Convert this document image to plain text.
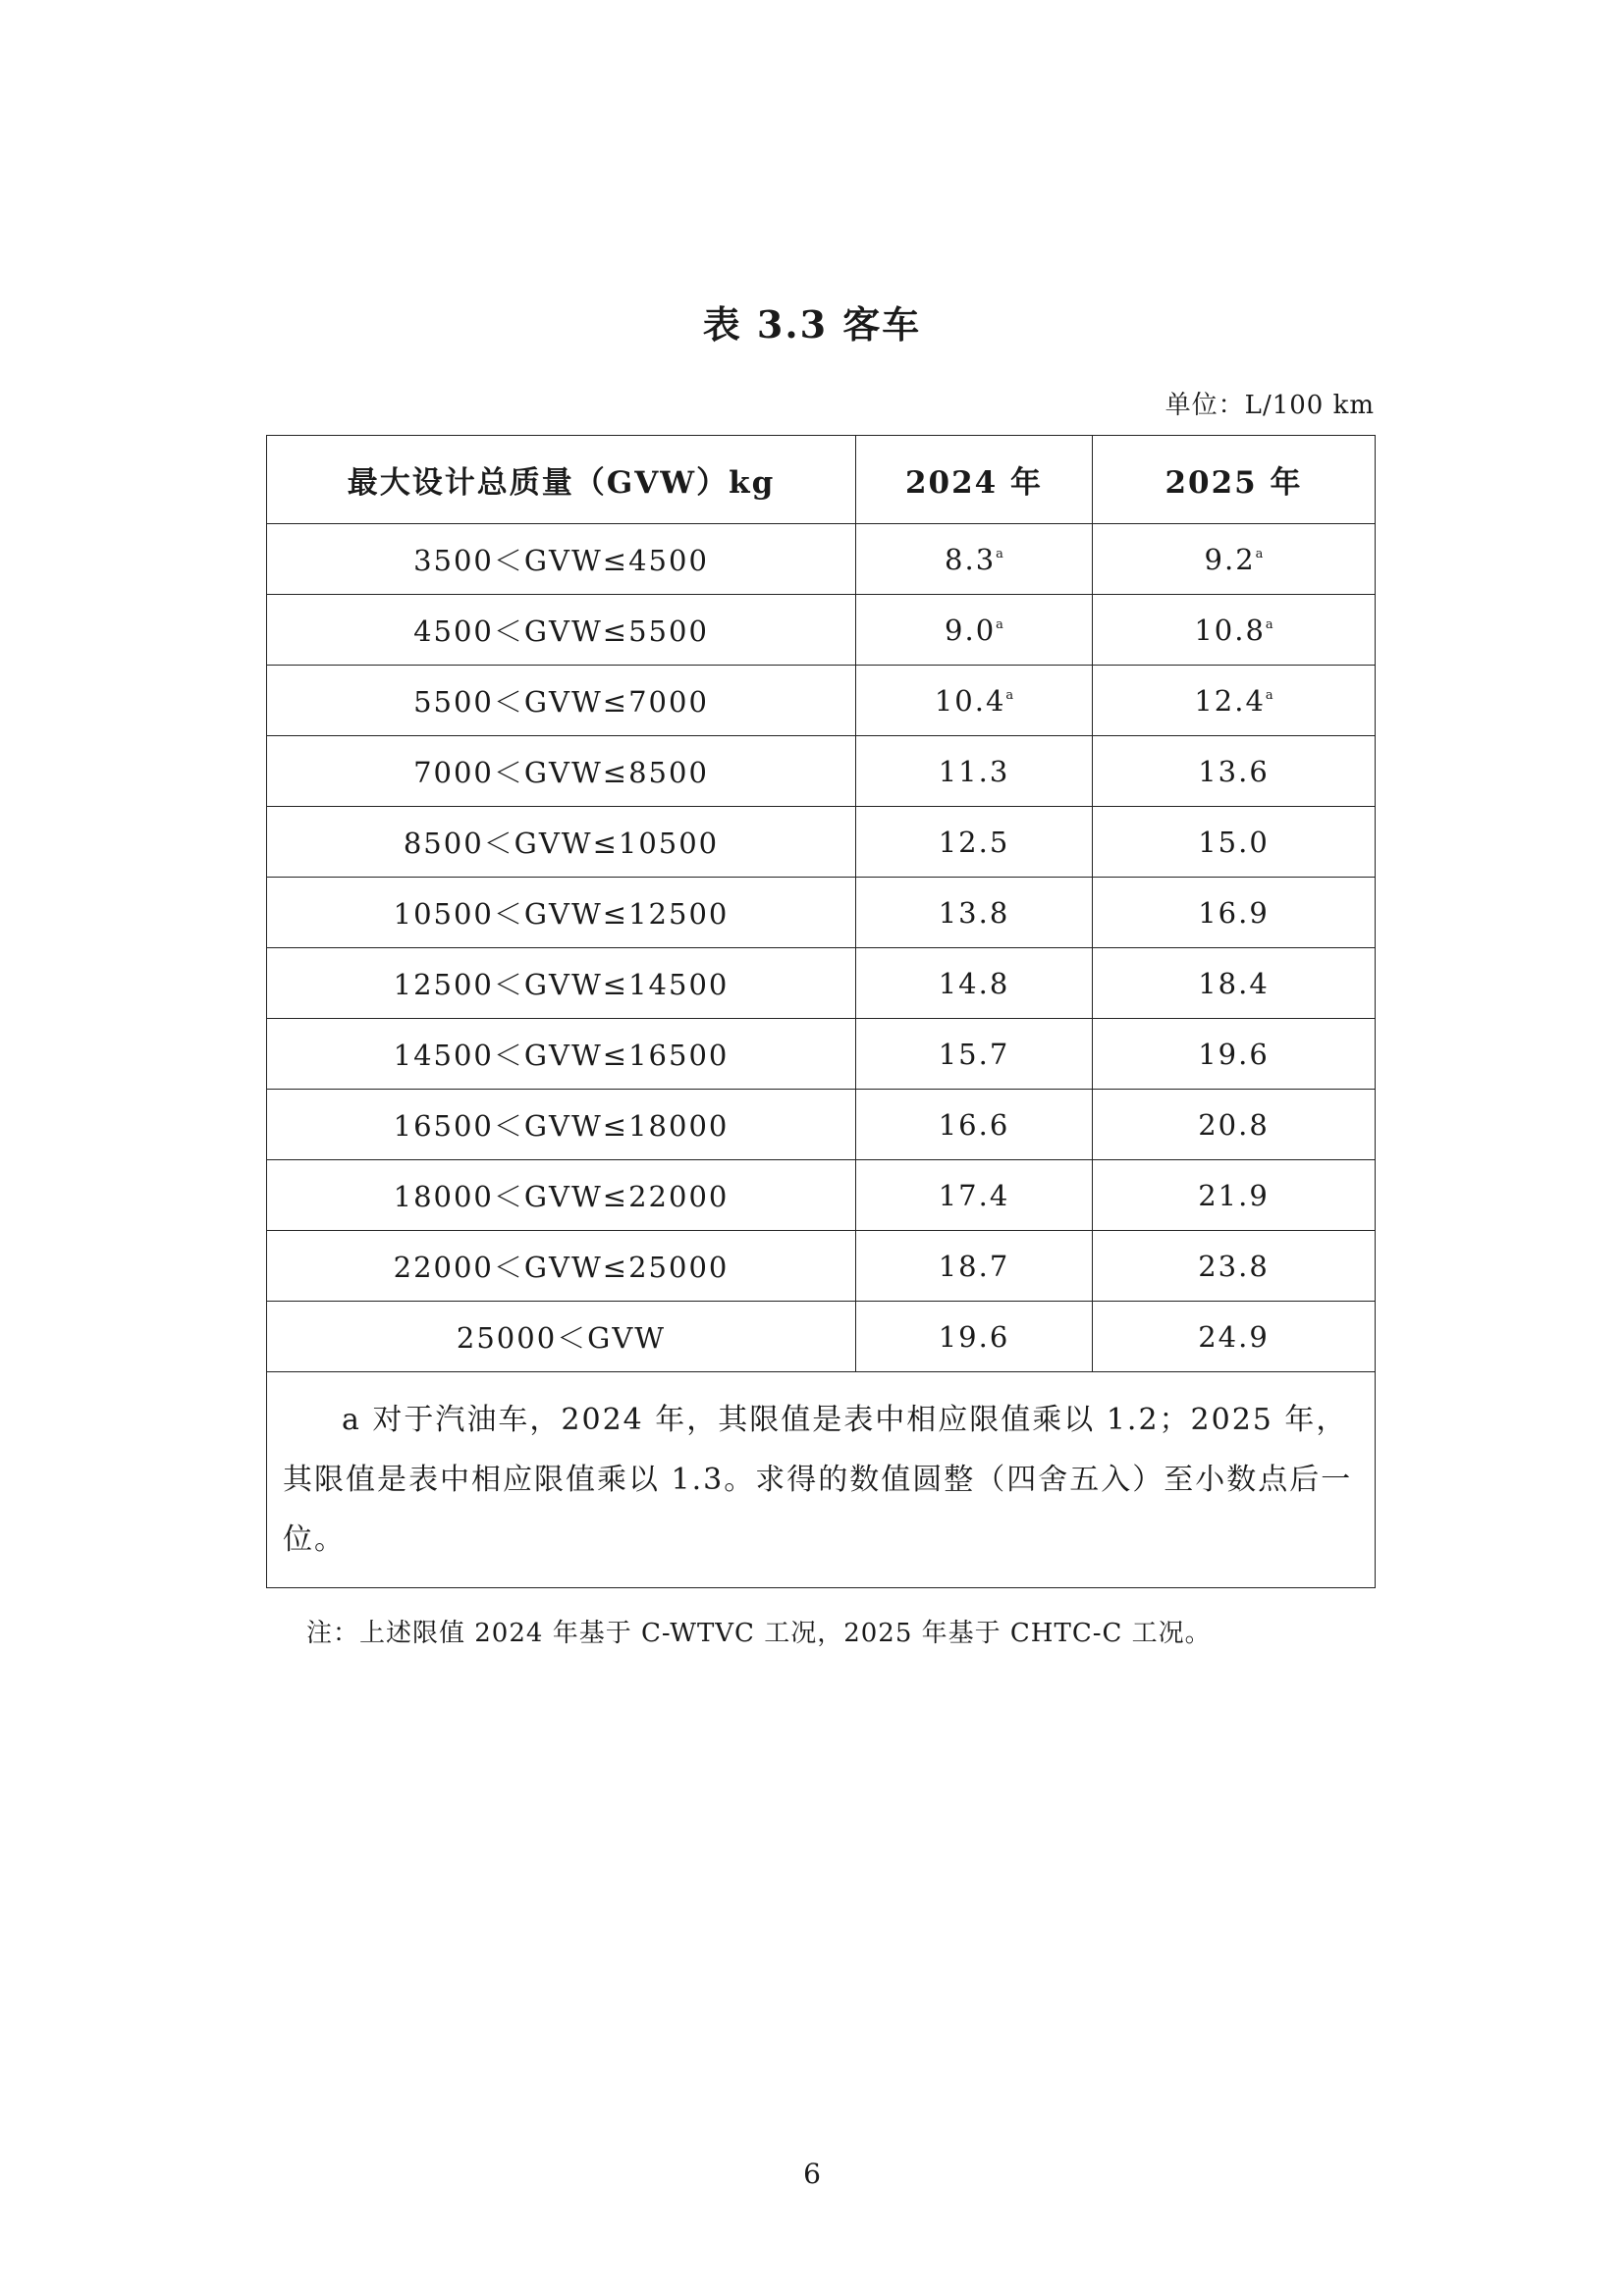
表 3.3 客车
单位：L/100 km
最大设计总质量（GVW）kg	2024 年	2025 年
3500＜GVW≤4500	8.3$^a$	9.2$^a$
4500＜GVW≤5500	9.0$^a$	10.8$^a$
5500＜GVW≤7000	10.4$^a$	12.4$^a$
7000＜GVW≤8500	11.3	13.6
8500＜GVW≤10500	12.5	15.0
10500＜GVW≤12500	13.8	16.9
12500＜GVW≤14500	14.8	18.4
14500＜GVW≤16500	15.7	19.6
16500＜GVW≤18000	16.6	20.8
18000＜GVW≤22000	17.4	21.9
22000＜GVW≤25000	18.7	23.8
25000＜GVW	19.6	24.9

a 对于汽油车，2024 年，其限值是表中相应限值乘以 1.2；2025 年，其限值是表中相应限值乘以 1.3。求得的数值圆整（四舍五入）至小数点后一位。		
注：上述限值 2024 年基于 C-WTVC 工况，2025 年基于 CHTC-C 工况。
6
